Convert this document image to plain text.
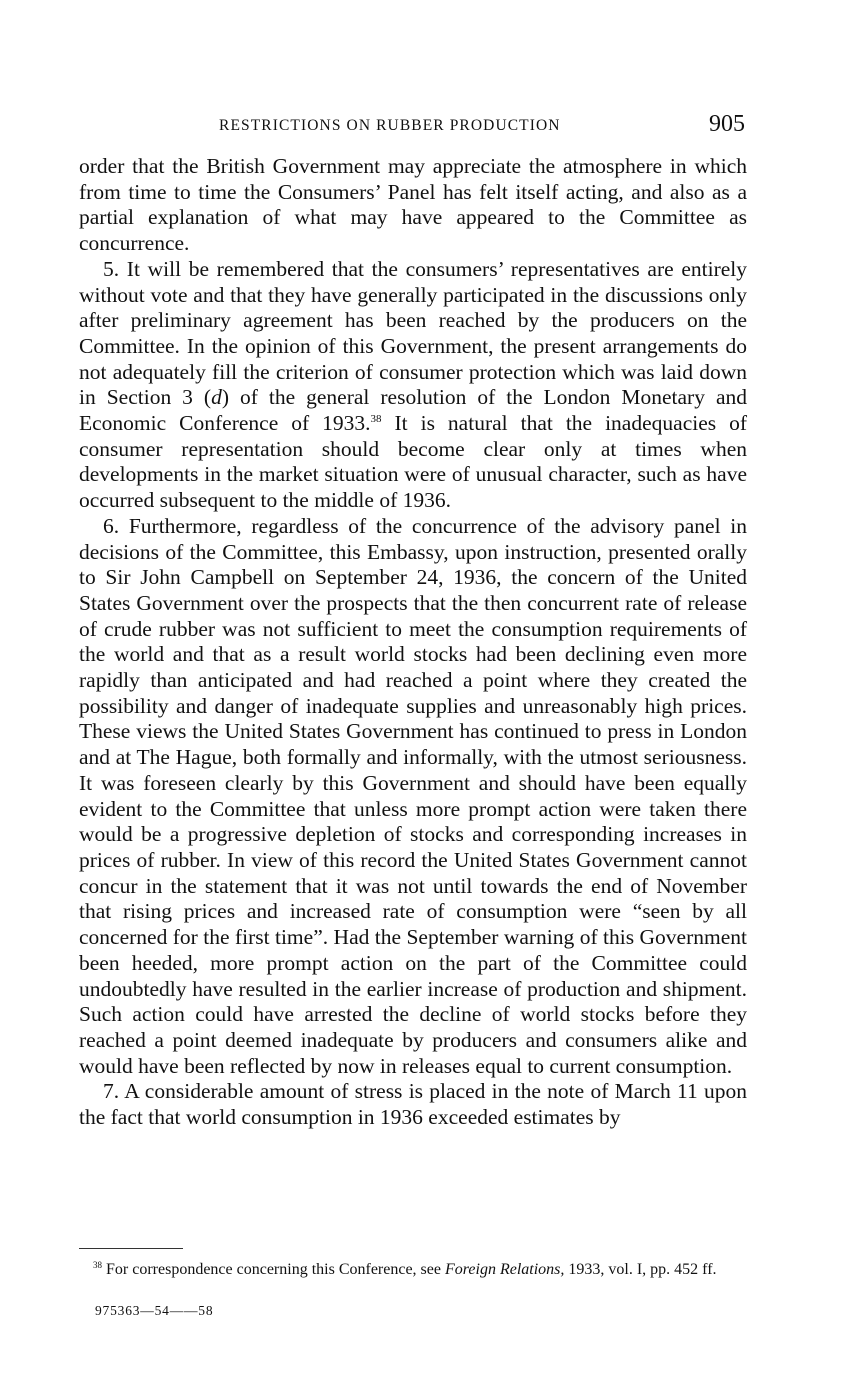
RESTRICTIONS ON RUBBER PRODUCTION	905

order that the British Government may appreciate the atmosphere in which from time to time the Consumers’ Panel has felt itself acting, and also as a partial explanation of what may have appeared to the Committee as concurrence.

5. It will be remembered that the consumers’ representatives are entirely without vote and that they have generally participated in the discussions only after preliminary agreement has been reached by the producers on the Committee. In the opinion of this Government, the present arrangements do not adequately fill the criterion of consumer protection which was laid down in Section 3 (d) of the general resolution of the London Monetary and Economic Conference of 1933.38 It is natural that the inadequacies of consumer representation should become clear only at times when developments in the market situation were of unusual character, such as have occurred subsequent to the middle of 1936.

6. Furthermore, regardless of the concurrence of the advisory panel in decisions of the Committee, this Embassy, upon instruction, presented orally to Sir John Campbell on September 24, 1936, the concern of the United States Government over the prospects that the then concurrent rate of release of crude rubber was not sufficient to meet the consumption requirements of the world and that as a result world stocks had been declining even more rapidly than anticipated and had reached a point where they created the possibility and danger of inadequate supplies and unreasonably high prices. These views the United States Government has continued to press in London and at The Hague, both formally and informally, with the utmost seriousness. It was foreseen clearly by this Government and should have been equally evident to the Committee that unless more prompt action were taken there would be a progressive depletion of stocks and corresponding increases in prices of rubber. In view of this record the United States Government cannot concur in the statement that it was not until towards the end of November that rising prices and increased rate of consumption were “seen by all concerned for the first time”. Had the September warning of this Government been heeded, more prompt action on the part of the Committee could undoubtedly have resulted in the earlier increase of production and shipment. Such action could have arrested the decline of world stocks before they reached a point deemed inadequate by producers and consumers alike and would have been reflected by now in releases equal to current consumption.

7. A considerable amount of stress is placed in the note of March 11 upon the fact that world consumption in 1936 exceeded estimates by

$^{38}$ For correspondence concerning this Conference, see Foreign Relations, 1933, vol. I, pp. 452 ff.

975363—54——58
